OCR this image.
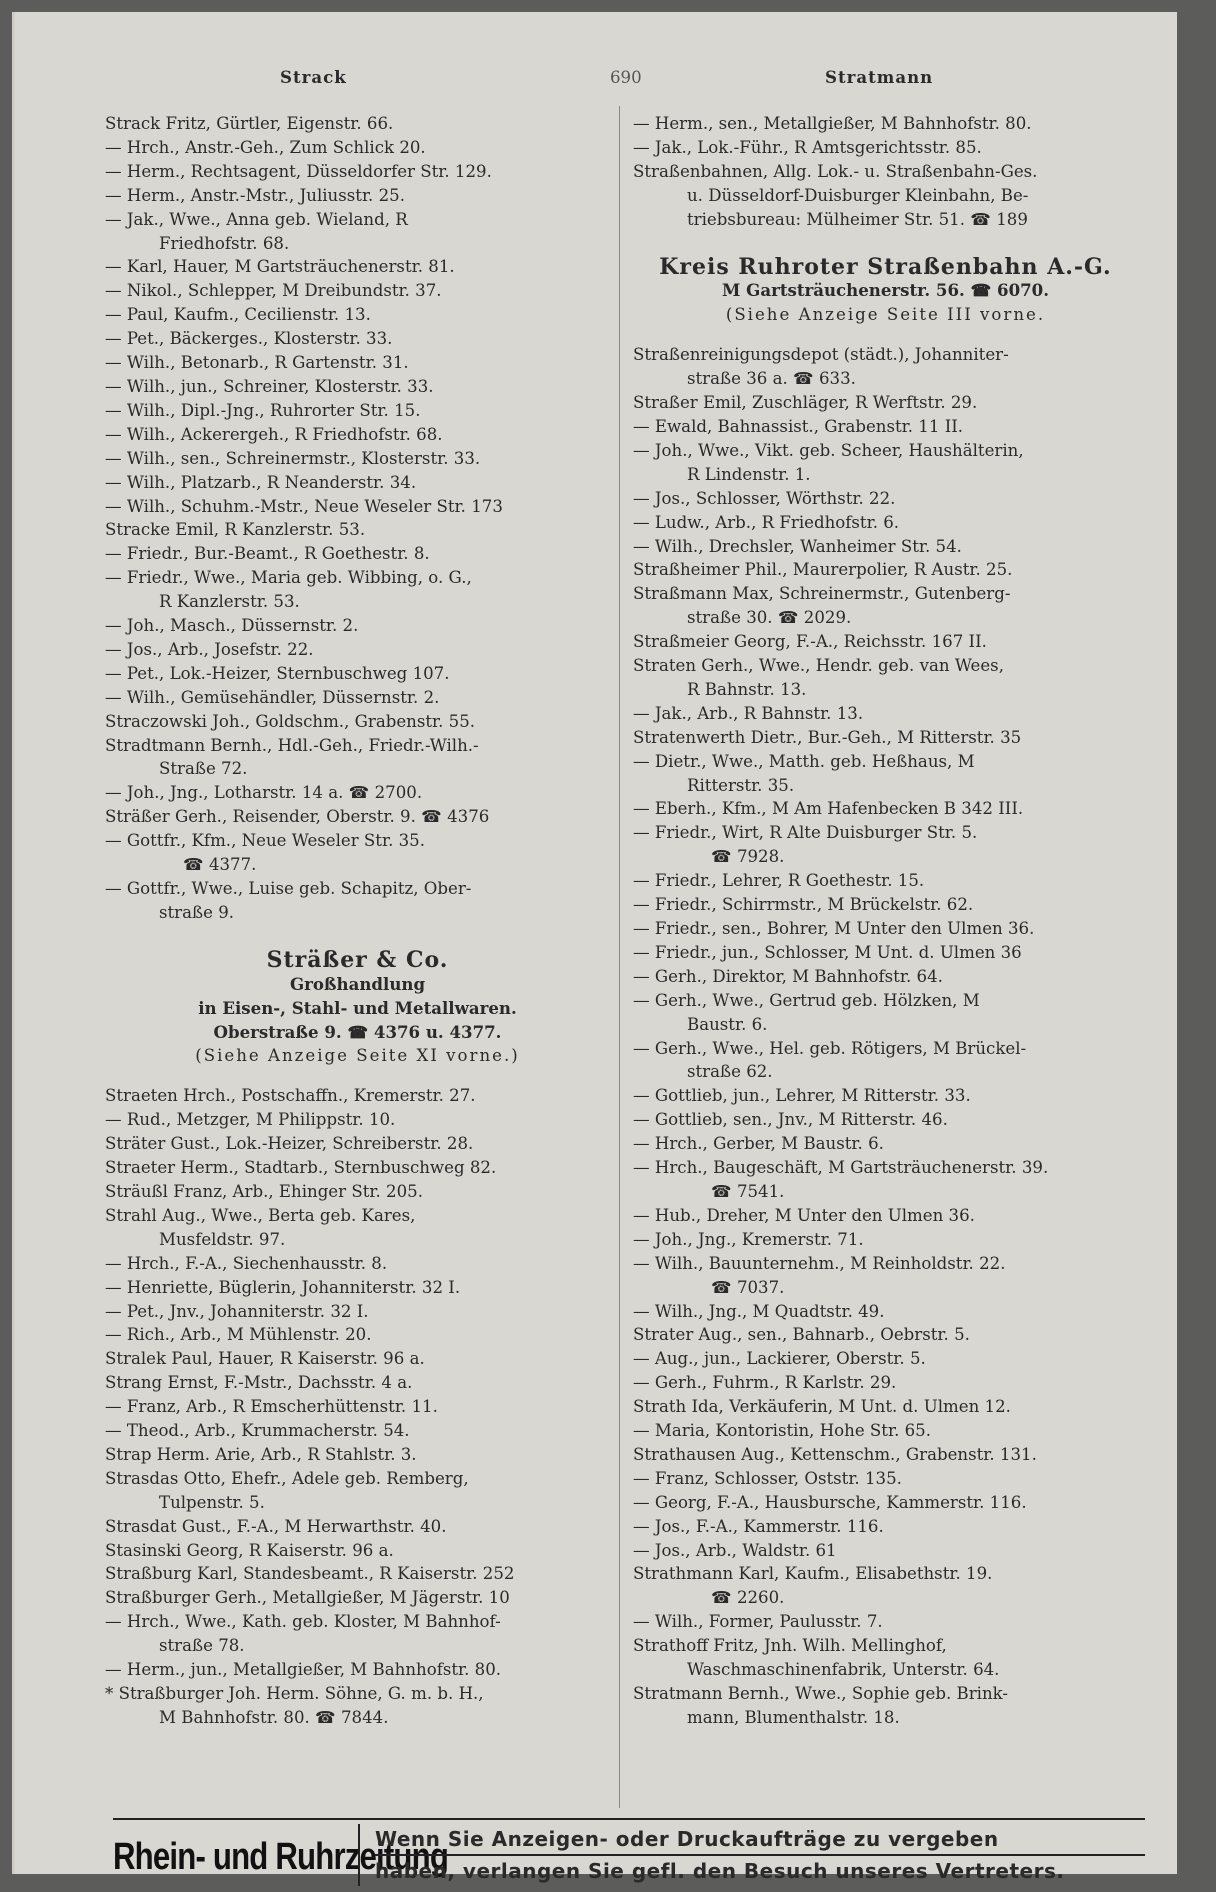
Strack	690	Stratmann
Strack Fritz, Gürtler, Eigenstr. 66.
— Hrch., Anstr.-Geh., Zum Schlick 20.
— Herm., Rechtsagent, Düsseldorfer Str. 129.
— Herm., Anstr.-Mstr., Juliusstr. 25.
— Jak., Wwe., Anna geb. Wieland, R
Friedhofstr. 68.
— Karl, Hauer, M Gartsträuchenerstr. 81.
— Nikol., Schlepper, M Dreibundstr. 37.
— Paul, Kaufm., Cecilienstr. 13.
— Pet., Bäckerges., Klosterstr. 33.
— Wilh., Betonarb., R Gartenstr. 31.
— Wilh., jun., Schreiner, Klosterstr. 33.
— Wilh., Dipl.-Jng., Ruhrorter Str. 15.
— Wilh., Ackerergeh., R Friedhofstr. 68.
— Wilh., sen., Schreinermstr., Klosterstr. 33.
— Wilh., Platzarb., R Neanderstr. 34.
— Wilh., Schuhm.-Mstr., Neue Weseler Str. 173
Stracke Emil, R Kanzlerstr. 53.
— Friedr., Bur.-Beamt., R Goethestr. 8.
— Friedr., Wwe., Maria geb. Wibbing, o. G.,
R Kanzlerstr. 53.
— Joh., Masch., Düssernstr. 2.
— Jos., Arb., Josefstr. 22.
— Pet., Lok.-Heizer, Sternbuschweg 107.
— Wilh., Gemüsehändler, Düssernstr. 2.
Straczowski Joh., Goldschm., Grabenstr. 55.
Stradtmann Bernh., Hdl.-Geh., Friedr.-Wilh.-
Straße 72.
— Joh., Jng., Lotharstr. 14 a. ☎ 2700.
Sträßer Gerh., Reisender, Oberstr. 9. ☎ 4376
— Gottfr., Kfm., Neue Weseler Str. 35.
☎ 4377.
— Gottfr., Wwe., Luise geb. Schapitz, Ober-
straße 9.
Sträßer & Co.
Großhandlung
in Eisen-, Stahl- und Metallwaren.
Oberstraße 9. ☎ 4376 u. 4377.
(Siehe Anzeige Seite XI vorne.)
Straeten Hrch., Postschaffn., Kremerstr. 27.
— Rud., Metzger, M Philippstr. 10.
Sträter Gust., Lok.-Heizer, Schreiberstr. 28.
Straeter Herm., Stadtarb., Sternbuschweg 82.
Sträußl Franz, Arb., Ehinger Str. 205.
Strahl Aug., Wwe., Berta geb. Kares,
Musfeldstr. 97.
— Hrch., F.-A., Siechenhausstr. 8.
— Henriette, Büglerin, Johanniterstr. 32 I.
— Pet., Jnv., Johanniterstr. 32 I.
— Rich., Arb., M Mühlenstr. 20.
Stralek Paul, Hauer, R Kaiserstr. 96 a.
Strang Ernst, F.-Mstr., Dachsstr. 4 a.
— Franz, Arb., R Emscherhüttenstr. 11.
— Theod., Arb., Krummacherstr. 54.
Strap Herm. Arie, Arb., R Stahlstr. 3.
Strasdas Otto, Ehefr., Adele geb. Remberg,
Tulpenstr. 5.
Strasdat Gust., F.-A., M Herwarthstr. 40.
Stasinski Georg, R Kaiserstr. 96 a.
Straßburg Karl, Standesbeamt., R Kaiserstr. 252
Straßburger Gerh., Metallgießer, M Jägerstr. 10
— Hrch., Wwe., Kath. geb. Kloster, M Bahnhof-
straße 78.
— Herm., jun., Metallgießer, M Bahnhofstr. 80.
* Straßburger Joh. Herm. Söhne, G. m. b. H.,
M Bahnhofstr. 80. ☎ 7844.
— Herm., sen., Metallgießer, M Bahnhofstr. 80.
— Jak., Lok.-Führ., R Amtsgerichtsstr. 85.
Straßenbahnen, Allg. Lok.- u. Straßenbahn-Ges.
u. Düsseldorf-Duisburger Kleinbahn, Be-
triebsbureau: Mülheimer Str. 51. ☎ 189
Kreis Ruhroter Straßenbahn A.-G.
M Gartsträuchenerstr. 56. ☎ 6070.
(Siehe Anzeige Seite III vorne.
Straßenreinigungsdepot (städt.), Johanniter-
straße 36 a. ☎ 633.
Straßer Emil, Zuschläger, R Werftstr. 29.
— Ewald, Bahnassist., Grabenstr. 11 II.
— Joh., Wwe., Vikt. geb. Scheer, Haushälterin,
R Lindenstr. 1.
— Jos., Schlosser, Wörthstr. 22.
— Ludw., Arb., R Friedhofstr. 6.
— Wilh., Drechsler, Wanheimer Str. 54.
Straßheimer Phil., Maurerpolier, R Austr. 25.
Straßmann Max, Schreinermstr., Gutenberg-
straße 30. ☎ 2029.
Straßmeier Georg, F.-A., Reichsstr. 167 II.
Straten Gerh., Wwe., Hendr. geb. van Wees,
R Bahnstr. 13.
— Jak., Arb., R Bahnstr. 13.
Stratenwerth Dietr., Bur.-Geh., M Ritterstr. 35
— Dietr., Wwe., Matth. geb. Heßhaus, M
Ritterstr. 35.
— Eberh., Kfm., M Am Hafenbecken B 342 III.
— Friedr., Wirt, R Alte Duisburger Str. 5.
☎ 7928.
— Friedr., Lehrer, R Goethestr. 15.
— Friedr., Schirrmstr., M Brückelstr. 62.
— Friedr., sen., Bohrer, M Unter den Ulmen 36.
— Friedr., jun., Schlosser, M Unt. d. Ulmen 36
— Gerh., Direktor, M Bahnhofstr. 64.
— Gerh., Wwe., Gertrud geb. Hölzken, M
Baustr. 6.
— Gerh., Wwe., Hel. geb. Rötigers, M Brückel-
straße 62.
— Gottlieb, jun., Lehrer, M Ritterstr. 33.
— Gottlieb, sen., Jnv., M Ritterstr. 46.
— Hrch., Gerber, M Baustr. 6.
— Hrch., Baugeschäft, M Gartsträuchenerstr. 39.
☎ 7541.
— Hub., Dreher, M Unter den Ulmen 36.
— Joh., Jng., Kremerstr. 71.
— Wilh., Bauunternehm., M Reinholdstr. 22.
☎ 7037.
— Wilh., Jng., M Quadtstr. 49.
Strater Aug., sen., Bahnarb., Oebrstr. 5.
— Aug., jun., Lackierer, Oberstr. 5.
— Gerh., Fuhrm., R Karlstr. 29.
Strath Ida, Verkäuferin, M Unt. d. Ulmen 12.
— Maria, Kontoristin, Hohe Str. 65.
Strathausen Aug., Kettenschm., Grabenstr. 131.
— Franz, Schlosser, Oststr. 135.
— Georg, F.-A., Hausbursche, Kammerstr. 116.
— Jos., F.-A., Kammerstr. 116.
— Jos., Arb., Waldstr. 61
Strathmann Karl, Kaufm., Elisabethstr. 19.
☎ 2260.
— Wilh., Former, Paulusstr. 7.
Strathoff Fritz, Jnh. Wilh. Mellinghof,
Waschmaschinenfabrik, Unterstr. 64.
Stratmann Bernh., Wwe., Sophie geb. Brink-
mann, Blumenthalstr. 18.
Rhein- und Ruhrzeitung
Wenn Sie Anzeigen- oder Druckaufträge zu vergeben
haben, verlangen Sie gefl. den Besuch unseres Vertreters.
